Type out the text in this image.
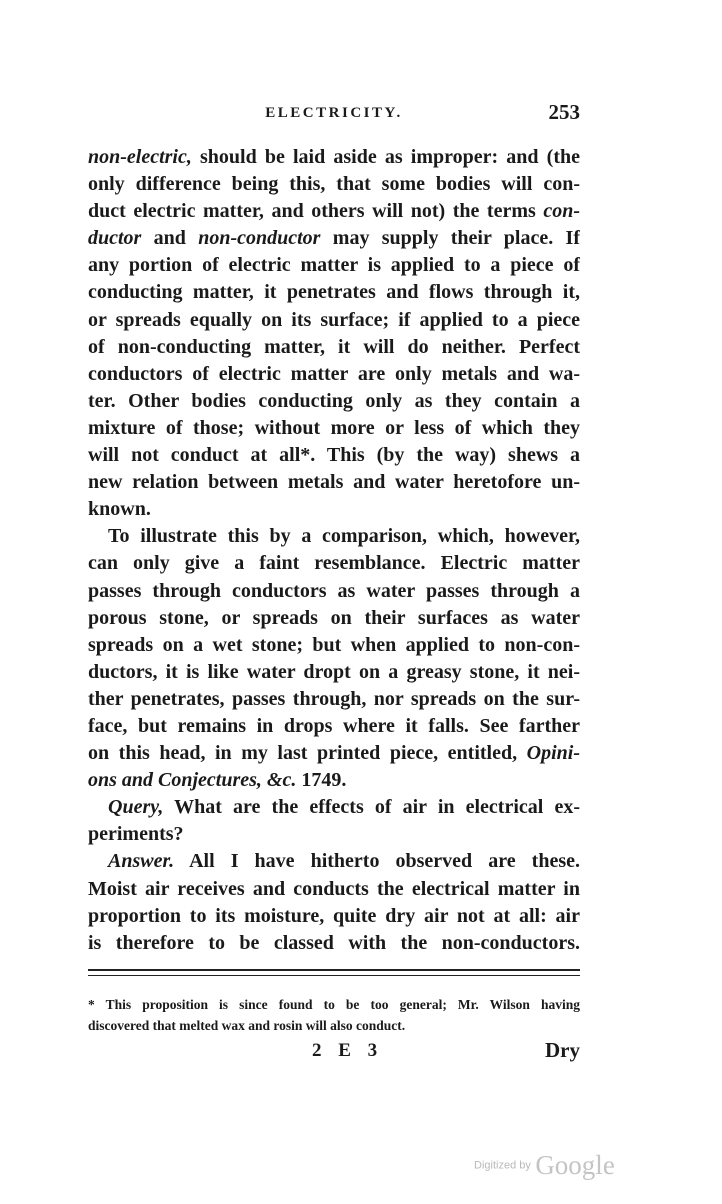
ELECTRICITY.	253

non-electric, should be laid aside as improper: and (the
only difference being this, that some bodies will con-
duct electric matter, and others will not) the terms con-
ductor and non-conductor may supply their place. If
any portion of electric matter is applied to a piece of
conducting matter, it penetrates and flows through it,
or spreads equally on its surface; if applied to a piece
of non-conducting matter, it will do neither. Perfect
conductors of electric matter are only metals and wa-
ter. Other bodies conducting only as they contain a
mixture of those; without more or less of which they
will not conduct at all*. This (by the way) shews a
new relation between metals and water heretofore un-
known.

To illustrate this by a comparison, which, however,
can only give a faint resemblance. Electric matter
passes through conductors as water passes through a
porous stone, or spreads on their surfaces as water
spreads on a wet stone; but when applied to non-con-
ductors, it is like water dropt on a greasy stone, it nei-
ther penetrates, passes through, nor spreads on the sur-
face, but remains in drops where it falls. See farther
on this head, in my last printed piece, entitled, Opini-
ons and Conjectures, &c. 1749.

Query, What are the effects of air in electrical ex-
periments?

Answer. All I have hitherto observed are these.
Moist air receives and conducts the electrical matter in
proportion to its moisture, quite dry air not at all: air
is therefore to be classed with the non-conductors.

* This proposition is since found to be too general; Mr. Wilson having
discovered that melted wax and rosin will also conduct.
2 E 3	Dry
Digitized by Google
